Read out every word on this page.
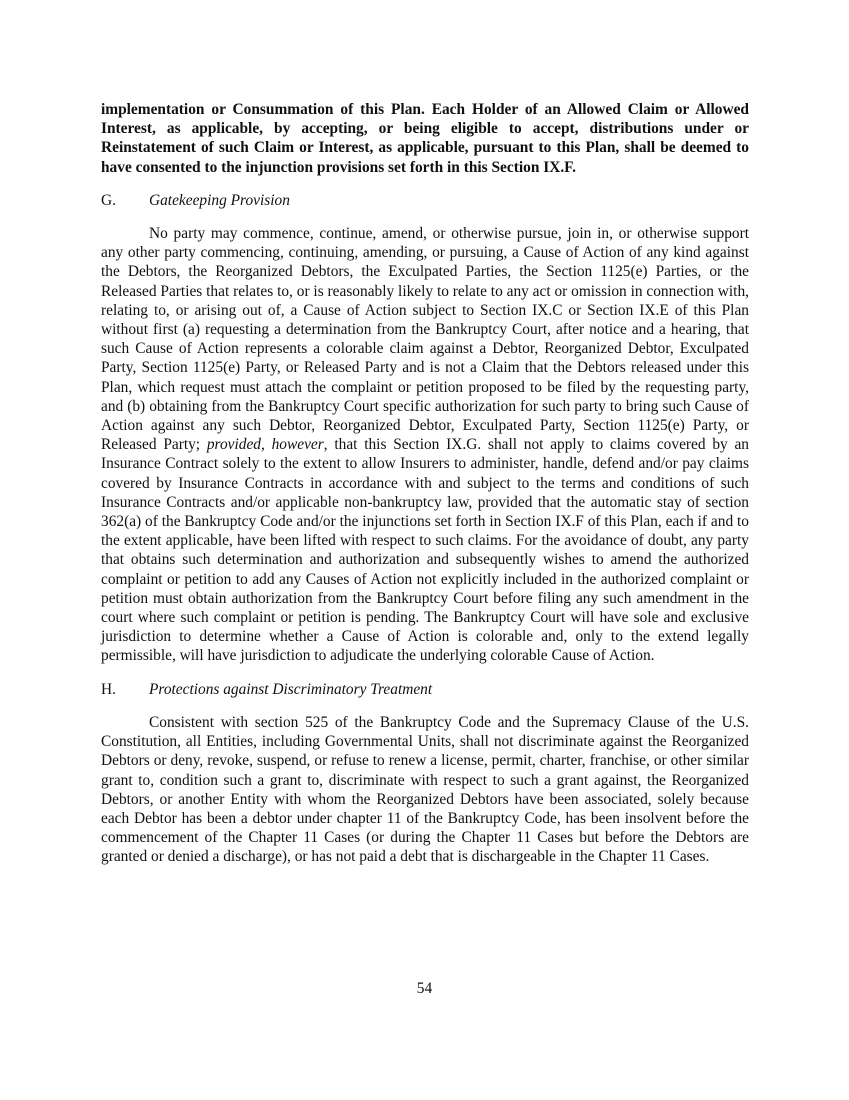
implementation or Consummation of this Plan. Each Holder of an Allowed Claim or Allowed Interest, as applicable, by accepting, or being eligible to accept, distributions under or Reinstatement of such Claim or Interest, as applicable, pursuant to this Plan, shall be deemed to have consented to the injunction provisions set forth in this Section IX.F.

G.	Gatekeeping Provision

No party may commence, continue, amend, or otherwise pursue, join in, or otherwise support any other party commencing, continuing, amending, or pursuing, a Cause of Action of any kind against the Debtors, the Reorganized Debtors, the Exculpated Parties, the Section 1125(e) Parties, or the Released Parties that relates to, or is reasonably likely to relate to any act or omission in connection with, relating to, or arising out of, a Cause of Action subject to Section IX.C or Section IX.E of this Plan without first (a) requesting a determination from the Bankruptcy Court, after notice and a hearing, that such Cause of Action represents a colorable claim against a Debtor, Reorganized Debtor, Exculpated Party, Section 1125(e) Party, or Released Party and is not a Claim that the Debtors released under this Plan, which request must attach the complaint or petition proposed to be filed by the requesting party, and (b) obtaining from the Bankruptcy Court specific authorization for such party to bring such Cause of Action against any such Debtor, Reorganized Debtor, Exculpated Party, Section 1125(e) Party, or Released Party; provided, however, that this Section IX.G. shall not apply to claims covered by an Insurance Contract solely to the extent to allow Insurers to administer, handle, defend and/or pay claims covered by Insurance Contracts in accordance with and subject to the terms and conditions of such Insurance Contracts and/or applicable non-bankruptcy law, provided that the automatic stay of section 362(a) of the Bankruptcy Code and/or the injunctions set forth in Section IX.F of this Plan, each if and to the extent applicable, have been lifted with respect to such claims. For the avoidance of doubt, any party that obtains such determination and authorization and subsequently wishes to amend the authorized complaint or petition to add any Causes of Action not explicitly included in the authorized complaint or petition must obtain authorization from the Bankruptcy Court before filing any such amendment in the court where such complaint or petition is pending. The Bankruptcy Court will have sole and exclusive jurisdiction to determine whether a Cause of Action is colorable and, only to the extend legally permissible, will have jurisdiction to adjudicate the underlying colorable Cause of Action.

H.	Protections against Discriminatory Treatment

Consistent with section 525 of the Bankruptcy Code and the Supremacy Clause of the U.S. Constitution, all Entities, including Governmental Units, shall not discriminate against the Reorganized Debtors or deny, revoke, suspend, or refuse to renew a license, permit, charter, franchise, or other similar grant to, condition such a grant to, discriminate with respect to such a grant against, the Reorganized Debtors, or another Entity with whom the Reorganized Debtors have been associated, solely because each Debtor has been a debtor under chapter 11 of the Bankruptcy Code, has been insolvent before the commencement of the Chapter 11 Cases (or during the Chapter 11 Cases but before the Debtors are granted or denied a discharge), or has not paid a debt that is dischargeable in the Chapter 11 Cases.

54
